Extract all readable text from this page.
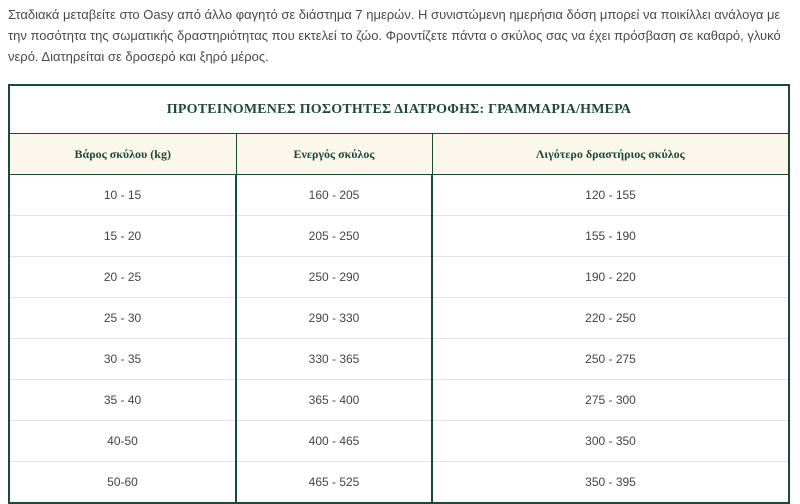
Σταδιακά μεταβείτε στο Oasy από άλλο φαγητό σε διάστημα 7 ημερών. Η συνιστώμενη ημερήσια δόση μπορεί να ποικίλλει ανάλογα με την ποσότητα της σωματικής δραστηριότητας που εκτελεί το ζώο. Φροντίζετε πάντα ο σκύλος σας να έχει πρόσβαση σε καθαρό, γλυκό νερό. Διατηρείται σε δροσερό και ξηρό μέρος.

ΠΡΟΤΕΙΝΟΜΕΝΕΣ ΠΟΣΟΤΗΤΕΣ ΔΙΑΤΡΟΦΗΣ: ΓΡΑΜΜΑΡΙΑ/ΗΜΕΡΑ		
Βάρος σκύλου (kg)	Ενεργός σκύλος	Λιγότερο δραστήριος σκύλος
10 - 15	160 - 205	120 - 155
15 - 20	205 - 250	155 - 190
20 - 25	250 - 290	190 - 220
25 - 30	290 - 330	220 - 250
30 - 35	330 - 365	250 - 275
35 - 40	365 - 400	275 - 300
40-50	400 - 465	300 - 350
50-60	465 - 525	350 - 395
